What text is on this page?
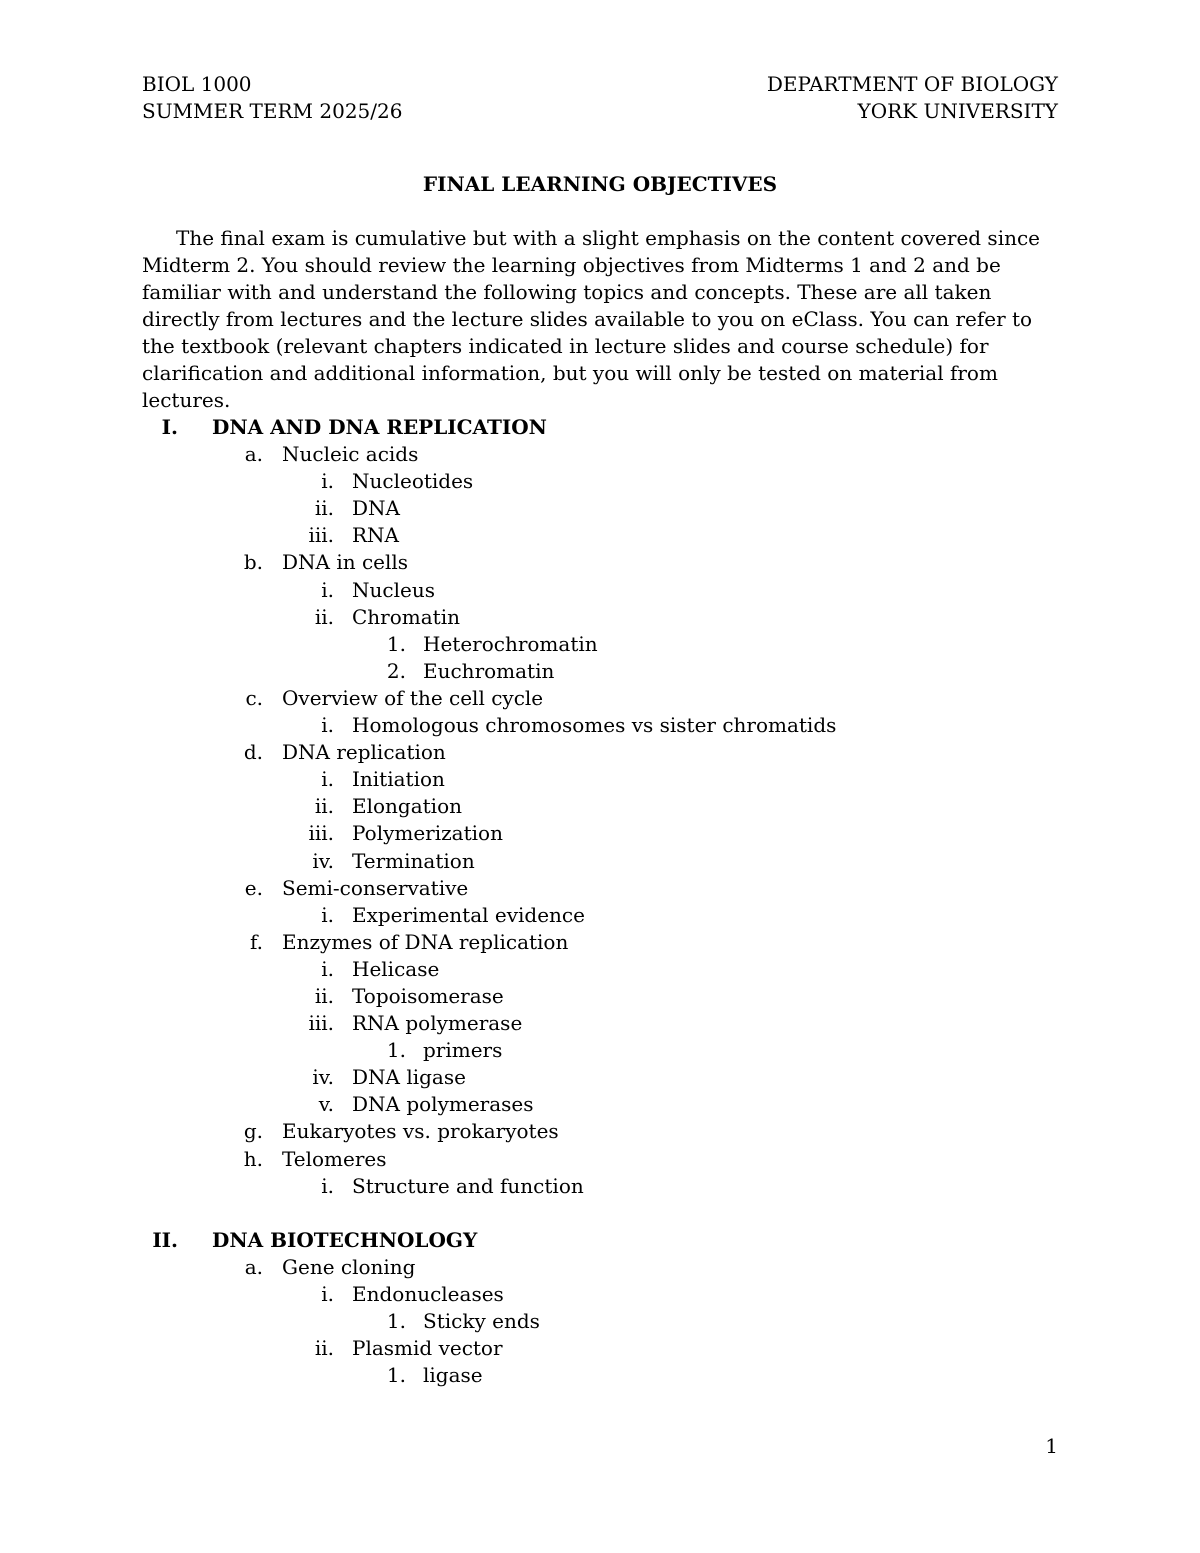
BIOL 1000
SUMMER TERM 2025/26
DEPARTMENT OF BIOLOGY
YORK UNIVERSITY
FINAL LEARNING OBJECTIVES

The final exam is cumulative but with a slight emphasis on the content covered since Midterm 2. You should review the learning objectives from Midterms 1 and 2 and be familiar with and understand the following topics and concepts. These are all taken directly from lectures and the lecture slides available to you on eClass. You can refer to the textbook (relevant chapters indicated in lecture slides and course schedule) for clarification and additional information, but you will only be tested on material from lectures.

I. DNA AND DNA REPLICATION
a. Nucleic acids
i. Nucleotides
ii. DNA
iii. RNA
b. DNA in cells
i. Nucleus
ii. Chromatin
1. Heterochromatin
2. Euchromatin
c. Overview of the cell cycle
i. Homologous chromosomes vs sister chromatids
d. DNA replication
i. Initiation
ii. Elongation
iii. Polymerization
iv. Termination
e. Semi-conservative
i. Experimental evidence
f. Enzymes of DNA replication
i. Helicase
ii. Topoisomerase
iii. RNA polymerase
1. primers
iv. DNA ligase
v. DNA polymerases
g. Eukaryotes vs. prokaryotes
h. Telomeres
i. Structure and function
II. DNA BIOTECHNOLOGY
a. Gene cloning
i. Endonucleases
1. Sticky ends
ii. Plasmid vector
1. ligase
1
